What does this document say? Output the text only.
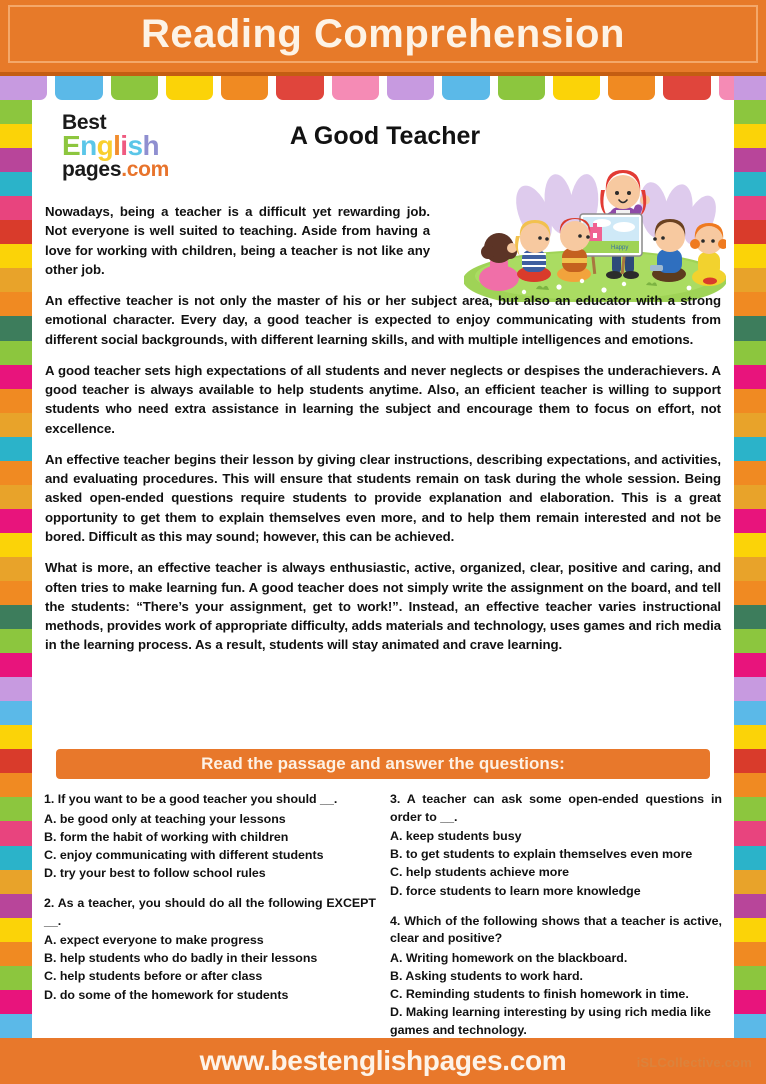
Reading Comprehension
Best
English
pages.com
A Good Teacher
Happy

Nowadays, being a teacher is a difficult yet rewarding job. Not everyone is well suited to teaching. Aside from having a love for working with children, being a teacher is not like any other job.

An effective teacher is not only the master of his or her subject area, but also an educator with a strong emotional character. Every day, a good teacher is expected to enjoy communicating with students from different social backgrounds, with different learning skills, and with multiple intelligences and emotions.

A good teacher sets high expectations of all students and never neglects or despises the underachievers. A good teacher is always available to help students anytime. Also, an efficient teacher is willing to support students who need extra assistance in learning the subject and encourage them to focus on effort, not excellence.

An effective teacher begins their lesson by giving clear instructions, describing expectations, and activities, and evaluating procedures. This will ensure that students remain on task during the whole session. Being asked open-ended questions require students to provide explanation and elaboration. This is a great opportunity to get them to explain themselves even more, and to help them remain interested and not be bored. Difficult as this may sound; however, this can be achieved.

What is more, an effective teacher is always enthusiastic, active, organized, clear, positive and caring, and often tries to make learning fun. A good teacher does not simply write the assignment on the board, and tell the students: “There’s your assignment, get to work!”. Instead, an effective teacher varies instructional methods, provides work of appropriate difficulty, adds materials and technology, uses games and rich media in the learning process. As a result, students will stay animated and crave learning.

Read the passage and answer the questions:
1. If you want to be a good teacher you should __.
A. be good only at teaching your lessons
B. form the habit of working with children
C. enjoy communicating with different students
D. try your best to follow school rules
2. As a teacher, you should do all the following EXCEPT __.
A. expect everyone to make progress
B. help students who do badly in their lessons
C. help students before or after class
D. do some of the homework for students
3. A teacher can ask some open-ended questions in order to __.
A. keep students busy
B. to get students to explain themselves even more
C. help students achieve more
D. force students to learn more knowledge
4. Which of the following shows that a teacher is active, clear and positive?
A. Writing homework on the blackboard.
B. Asking students to work hard.
C. Reminding students to finish homework in time.
D. Making learning interesting by using rich media like games and technology.
www.bestenglishpages.com	iSLCollective.com
